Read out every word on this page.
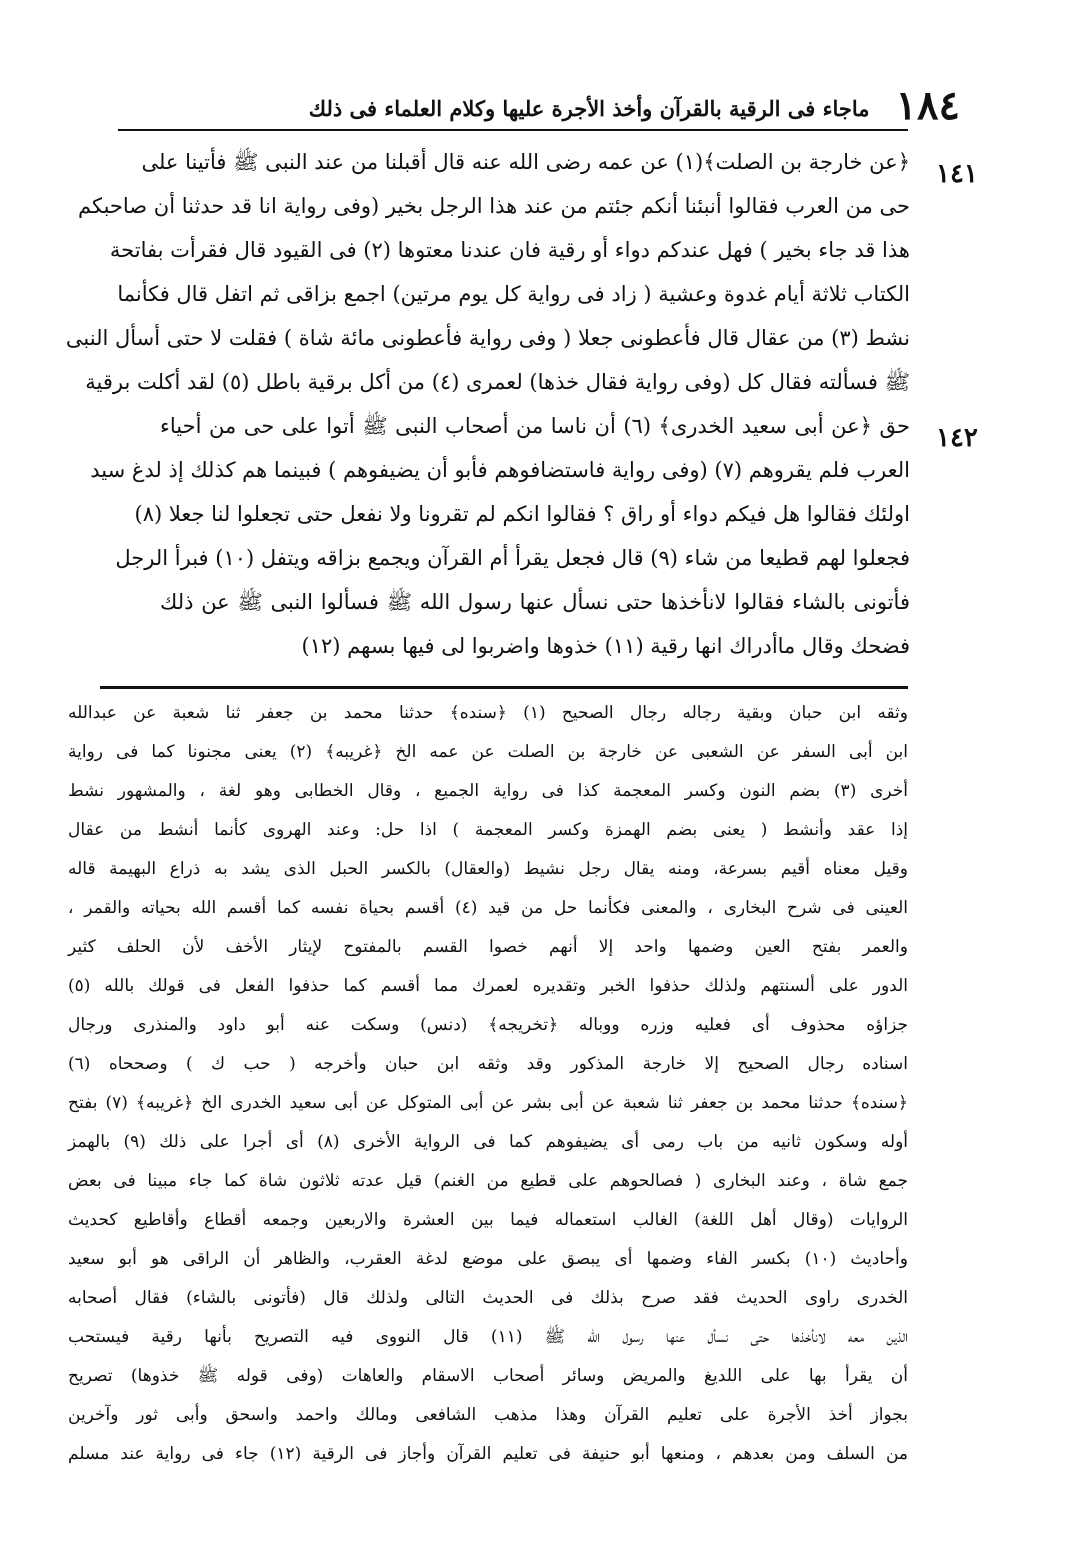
١٨٤
ماجاء فى الرقية بالقرآن وأخذ الأجرة عليها وكلام العلماء فى ذلك
١٤١
١٤٢
﴿عن خارجة بن الصلت﴾(١) عن عمه رضى الله عنه قال أقبلنا من عند النبى ﷺ فأتينا على
حى من العرب فقالوا أنبئنا أنكم جئتم من عند هذا الرجل بخير (وفى رواية انا قد حدثنا أن صاحبكم
هذا قد جاء بخير ) فهل عندكم دواء أو رقية فان عندنا معتوها (٢) فى القيود قال فقرأت بفاتحة
الكتاب ثلاثة أيام غدوة وعشية ( زاد فى رواية كل يوم مرتين) اجمع بزاقى ثم اتفل قال فكأنما
نشط (٣) من عقال قال فأعطونى جعلا ( وفى رواية فأعطونى مائة شاة ) فقلت لا حتى أسأل النبى
ﷺ فسألته فقال كل (وفى رواية فقال خذها) لعمرى (٤) من أكل برقية باطل (٥) لقد أكلت برقية
حق ﴿عن أبى سعيد الخدرى﴾ (٦) أن ناسا من أصحاب النبى ﷺ أتوا على حى من أحياء
العرب فلم يقروهم (٧) (وفى رواية فاستضافوهم فأبو أن يضيفوهم ) فبينما هم كذلك إذ لدغ سيد
اولئك فقالوا هل فيكم دواء أو راق ؟ فقالوا انكم لم تقرونا ولا نفعل حتى تجعلوا لنا جعلا (٨)
فجعلوا لهم قطيعا من شاء (٩) قال فجعل يقرأ أم القرآن ويجمع بزاقه ويتفل (١٠) فبرأ الرجل
فأتونى بالشاء فقالوا لانأخذها حتى نسأل عنها رسول الله ﷺ فسألوا النبى ﷺ عن ذلك
فضحك وقال ماأدراك انها رقية (١١) خذوها واضربوا لى فيها بسهم (١٢)
وثقه ابن حبان وبقية رجاله رجال الصحيح (١) ﴿سنده﴾ حدثنا محمد بن جعفر ثنا شعبة عن عبدالله
ابن أبى السفر عن الشعبى عن خارجة بن الصلت عن عمه الخ ﴿غريبه﴾ (٢) يعنى مجنونا كما فى رواية
أخرى (٣) بضم النون وكسر المعجمة كذا فى رواية الجميع ، وقال الخطابى وهو لغة ، والمشهور نشط
إذا عقد وأنشط ( يعنى بضم الهمزة وكسر المعجمة ) اذا حل: وعند الهروى كأنما أنشط من عقال
وقيل معناه أقيم بسرعة، ومنه يقال رجل نشيط (والعقال) بالكسر الحبل الذى يشد به ذراع البهيمة قاله
العينى فى شرح البخارى ، والمعنى فكأنما حل من قيد (٤) أقسم بحياة نفسه كما أقسم الله بحياته والقمر ،
والعمر بفتح العين وضمها واحد إلا أنهم خصوا القسم بالمفتوح لإيثار الأخف لأن الحلف كثير
الدور على ألسنتهم ولذلك حذفوا الخبر وتقديره لعمرك مما أقسم كما حذفوا الفعل فى قولك بالله (٥)
جزاؤه محذوف أى فعليه وزره ووباله ﴿تخريجه﴾ (دنس) وسكت عنه أبو داود والمنذرى ورجال
اسناده رجال الصحيح إلا خارجة المذكور وقد وثقه ابن حبان وأخرجه ( حب ك ) وصححاه (٦)
﴿سنده﴾ حدثنا محمد بن جعفر ثنا شعبة عن أبى بشر عن أبى المتوكل عن أبى سعيد الخدرى الخ ﴿غريبه﴾ (٧) بفتح
أوله وسكون ثانيه من باب رمى أى يضيفوهم كما فى الرواية الأخرى (٨) أى أجرا على ذلك (٩) بالهمز
جمع شاة ، وعند البخارى ( فصالحوهم على قطيع من الغنم) قيل عدته ثلاثون شاة كما جاء مبينا فى بعض
الروايات (وقال أهل اللغة) الغالب استعماله فيما بين العشرة والاربعين وجمعه أقطاع وأقاطيع كحديث
وأحاديث (١٠) بكسر الفاء وضمها أى يبصق على موضع لدغة العقرب، والظاهر أن الراقى هو أبو سعيد
الخدرى راوى الحديث فقد صرح بذلك فى الحديث التالى ولذلك قال (فأتونى بالشاء) فقال أصحابه
الذين معه لانأخذها حتى نسأل عنها رسول الله ﷺ (١١) قال النووى فيه التصريح بأنها رقية فيستحب
أن يقرأ بها على اللديغ والمريض وسائر أصحاب الاسقام والعاهات (وفى قوله ﷺ خذوها) تصريح
بجواز أخذ الأجرة على تعليم القرآن وهذا مذهب الشافعى ومالك واحمد واسحق وأبى ثور وآخرين
من السلف ومن بعدهم ، ومنعها أبو حنيفة فى تعليم القرآن وأجاز فى الرقية (١٢) جاء فى رواية عند مسلم
